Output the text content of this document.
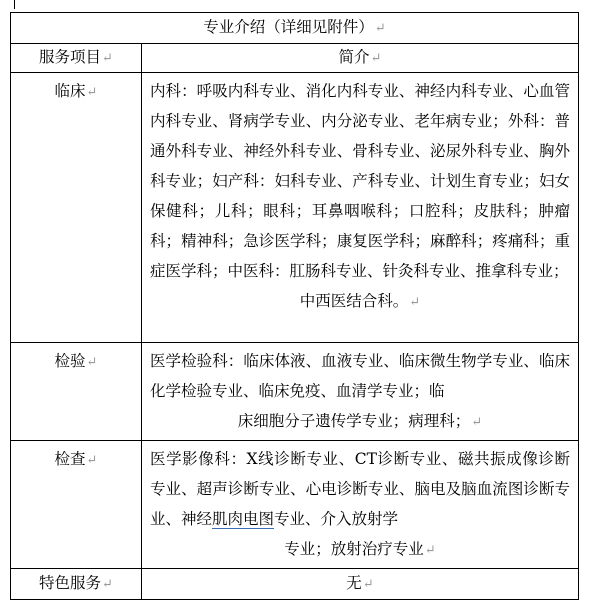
专业介绍（详细见附件）↵	
服务项目↵	简介↵
临床↵	内科：呼吸内科专业、消化内科专业、神经内科专业、心血管内科专业、肾病学专业、内分泌专业、老年病专业；外科：普通外科专业、神经外科专业、骨科专业、泌尿外科专业、胸外科专业；妇产科：妇科专业、产科专业、计划生育专业；妇女保健科；儿科；眼科；耳鼻咽喉科；口腔科；皮肤科；肿瘤科；精神科；急诊医学科；康复医学科；麻醉科；疼痛科；重症医学科；中医科：肛肠科专业、针灸科专业、推拿科专业；
中西医结合科。↵

检验↵	医学检验科：临床体液、血液专业、临床微生物学专业、临床化学检验专业、临床免疫、血清学专业；临
床细胞分子遗传学专业；病理科；↵

检查↵	医学影像科：X线诊断专业、CT诊断专业、磁共振成像诊断专业、超声诊断专业、心电诊断专业、脑电及脑血流图诊断专业、神经肌肉电图专业、介入放射学
专业；放射治疗专业↵

特色服务↵	无↵
